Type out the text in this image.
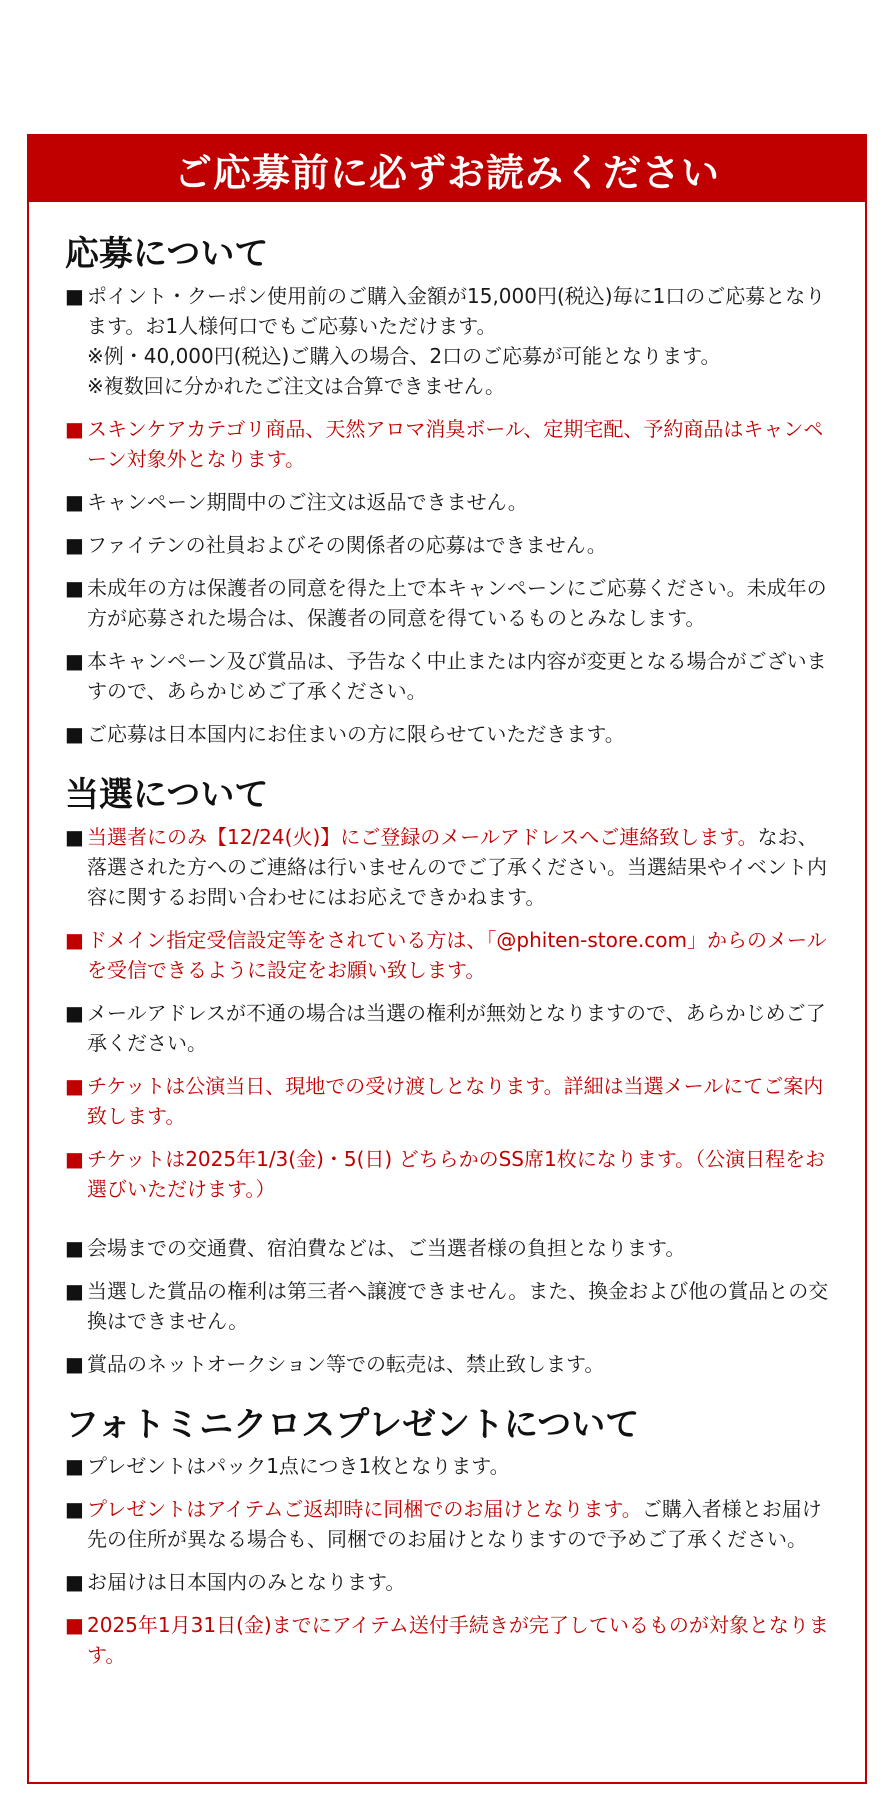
ご応募前に必ずお読みください
応募について
■ ポイント・クーポン使用前のご購入金額が15,000円(税込)毎に1口のご応募となります。お1人様何口でもご応募いただけます。
※例・40,000円(税込)ご購入の場合、2口のご応募が可能となります。
※複数回に分かれたご注文は合算できません。
■ スキンケアカテゴリ商品、天然アロマ消臭ボール、定期宅配、予約商品はキャンペーン対象外となります。
■ キャンペーン期間中のご注文は返品できません。
■ ファイテンの社員およびその関係者の応募はできません。
■ 未成年の方は保護者の同意を得た上で本キャンペーンにご応募ください。未成年の方が応募された場合は、保護者の同意を得ているものとみなします。
■ 本キャンペーン及び賞品は、予告なく中止または内容が変更となる場合がございますので、あらかじめご了承ください。
■ ご応募は日本国内にお住まいの方に限らせていただきます。
当選について
■ 当選者にのみ【12/24(火)】にご登録のメールアドレスへご連絡致します。なお、落選された方へのご連絡は行いませんのでご了承ください。当選結果やイベント内容に関するお問い合わせにはお応えできかねます。
■ ドメイン指定受信設定等をされている方は、「@phiten-store.com」からのメールを受信できるように設定をお願い致します。
■ メールアドレスが不通の場合は当選の権利が無効となりますので、あらかじめご了承ください。
■ チケットは公演当日、現地での受け渡しとなります。詳細は当選メールにてご案内致します。
■ チケットは2025年1/3(金)・5(日) どちらかのSS席1枚になります。（公演日程をお選びいただけます。）
■ 会場までの交通費、宿泊費などは、ご当選者様の負担となります。
■ 当選した賞品の権利は第三者へ譲渡できません。また、換金および他の賞品との交換はできません。
■ 賞品のネットオークション等での転売は、禁止致します。
フォトミニクロスプレゼントについて
■ プレゼントはパック1点につき1枚となります。
■ プレゼントはアイテムご返却時に同梱でのお届けとなります。ご購入者様とお届け先の住所が異なる場合も、同梱でのお届けとなりますので予めご了承ください。
■ お届けは日本国内のみとなります。
■ 2025年1月31日(金)までにアイテム送付手続きが完了しているものが対象となります。
